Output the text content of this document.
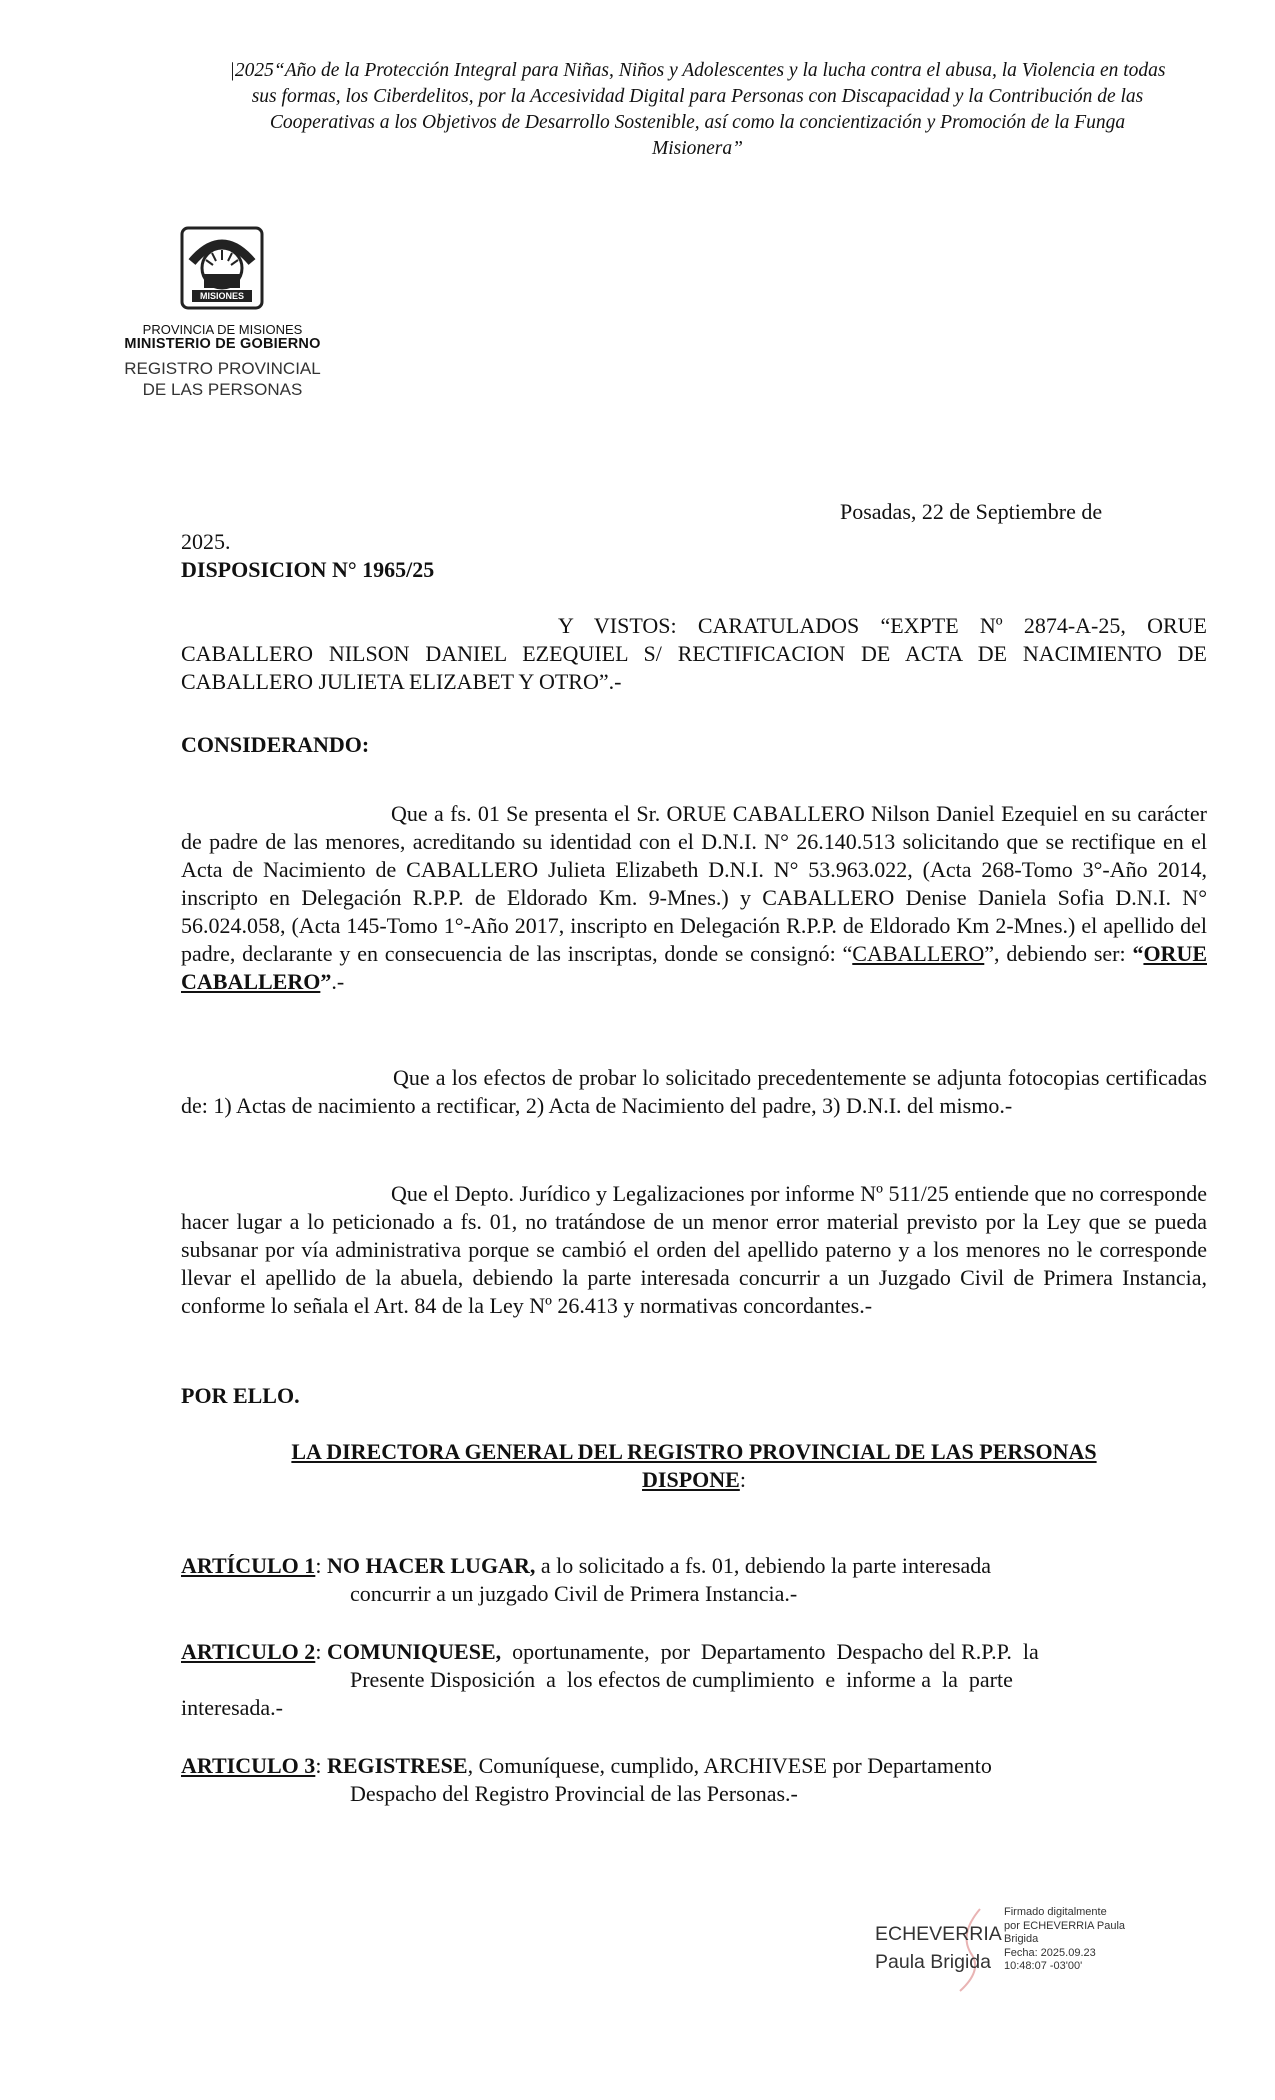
|2025“Año de la Protección Integral para Niñas, Niños y Adolescentes y la lucha contra el abusa, la Violencia en todas sus formas, los Ciberdelitos, por la Accesividad Digital para Personas con Discapacidad y la Contribución de las Cooperativas a los Objetivos de Desarrollo Sostenible, así como la concientización y Promoción de la Funga Misionera”
MISIONES
PROVINCIA DE MISIONES
MINISTERIO DE GOBIERNO
REGISTRO PROVINCIAL
DE LAS PERSONAS
Posadas, 22 de Septiembre de
2025.
DISPOSICION N° 1965/25
Y VISTOS: CARATULADOS “EXPTE Nº 2874-A-25, ORUE CABALLERO NILSON DANIEL EZEQUIEL S/ RECTIFICACION DE ACTA DE NACIMIENTO DE CABALLERO JULIETA ELIZABET Y OTRO”.-
CONSIDERANDO:
Que a fs. 01 Se presenta el Sr. ORUE CABALLERO Nilson Daniel Ezequiel en su carácter de padre de las menores, acreditando su identidad con el D.N.I. N° 26.140.513 solicitando que se rectifique en el Acta de Nacimiento de CABALLERO Julieta Elizabeth D.N.I. N° 53.963.022, (Acta 268-Tomo 3°-Año 2014, inscripto en Delegación R.P.P. de Eldorado Km. 9-Mnes.) y CABALLERO Denise Daniela Sofia D.N.I. N° 56.024.058, (Acta 145-Tomo 1°-Año 2017, inscripto en Delegación R.P.P. de Eldorado Km 2-Mnes.) el apellido del padre, declarante y en consecuencia de las inscriptas, donde se consignó: “CABALLERO”, debiendo ser: “ORUE CABALLERO”.-
Que a los efectos de probar lo solicitado precedentemente se adjunta fotocopias certificadas de: 1) Actas de nacimiento a rectificar, 2) Acta de Nacimiento del padre, 3) D.N.I. del mismo.-
Que el Depto. Jurídico y Legalizaciones por informe Nº 511/25 entiende que no corresponde hacer lugar a lo peticionado a fs. 01, no tratándose de un menor error material previsto por la Ley que se pueda subsanar por vía administrativa porque se cambió el orden del apellido paterno y a los menores no le corresponde llevar el apellido de la abuela, debiendo la parte interesada concurrir a un Juzgado Civil de Primera Instancia, conforme lo señala el Art. 84 de la Ley Nº 26.413 y normativas concordantes.-
POR ELLO.
LA DIRECTORA GENERAL DEL REGISTRO PROVINCIAL DE LAS PERSONAS
DISPONE:
ARTÍCULO 1: NO HACER LUGAR, a lo solicitado a fs. 01, debiendo la parte interesada
concurrir a un juzgado Civil de Primera Instancia.-
ARTICULO 2: COMUNIQUESE,  oportunamente,  por  Departamento  Despacho del R.P.P.  la
Presente Disposición  a  los efectos de cumplimiento  e  informe a  la  parte
interesada.-
ARTICULO 3: REGISTRESE, Comuníquese, cumplido, ARCHIVESE por Departamento
Despacho del Registro Provincial de las Personas.-
ECHEVERRIA
Paula Brigida
Firmado digitalmente
por ECHEVERRIA Paula
Brigida
Fecha: 2025.09.23
10:48:07 -03'00'
